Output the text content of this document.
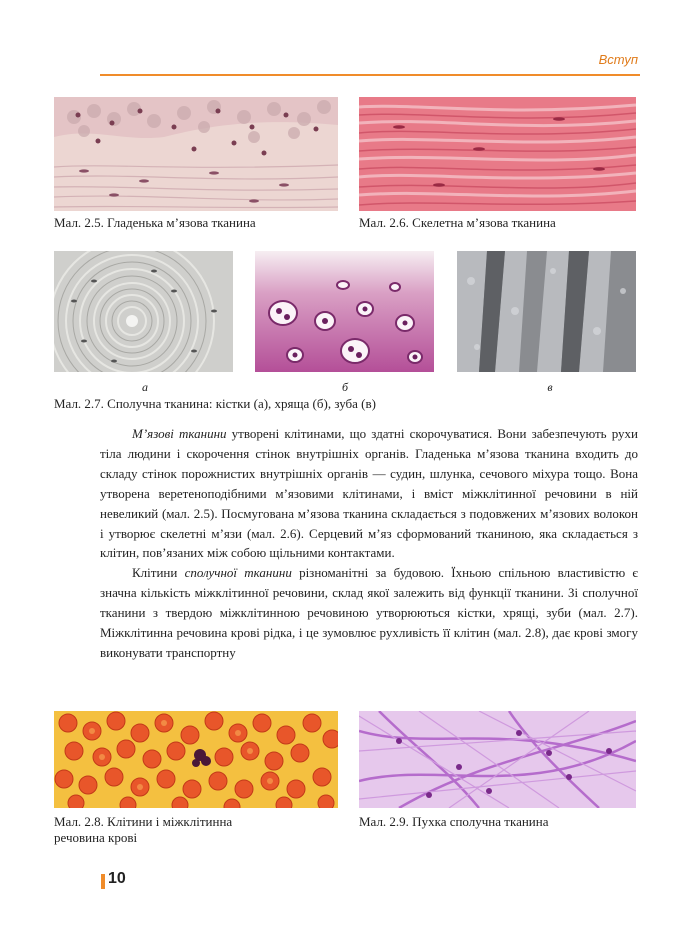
Вступ
Мал. 2.5. Гладенька м’язова тканина	Мал. 2.6. Скелетна м’язова тканина
а	б	в
Мал. 2.7. Сполучна тканина: кістки (а), хряща (б), зуба (в)

М’язові тканини утворені клітинами, що здатні скорочуватися. Вони забезпечують рухи тіла людини і скорочення стінок внутрішніх органів. Гладенька м’язова тканина входить до складу стінок порожнистих внутрішніх органів — судин, шлунка, сечового міхура тощо. Вона утворена веретеноподібними м’язовими клітинами, і вміст міжклітинної речовини в ній невеликий (мал. 2.5). Посмугована м’язова тканина складається з подовжених м’язових волокон і утворює скелетні м’язи (мал. 2.6). Серцевий м’яз сформований тканиною, яка складається з клітин, пов’язаних між собою щільними контактами.

Клітини сполучної тканини різноманітні за будовою. Їхньою спільною властивістю є значна кількість міжклітинної речовини, склад якої залежить від функції тканини. Зі сполучної тканини з твердою міжклітинною речовиною утворюються кістки, хрящі, зуби (мал. 2.7). Міжклітинна речовина крові рідка, і це зумовлює рухливість її клітин (мал. 2.8), дає крові змогу виконувати транспортну

Мал. 2.8. Клітини і міжклітинна
речовина крові
Мал. 2.9. Пухка сполучна тканина
10
